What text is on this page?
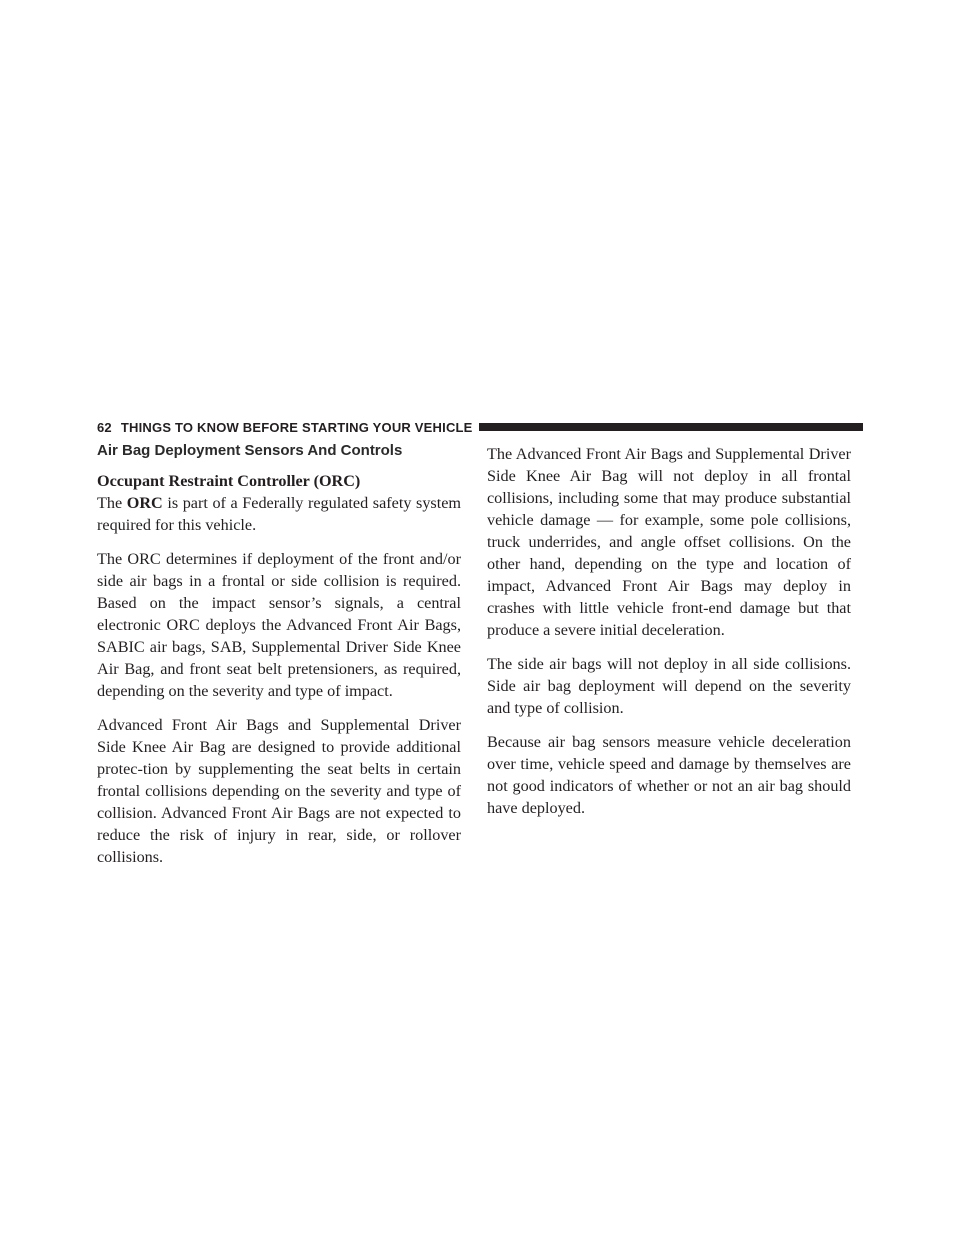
62 THINGS TO KNOW BEFORE STARTING YOUR VEHICLE
Air Bag Deployment Sensors And Controls
Occupant Restraint Controller (ORC)

The ORC is part of a Federally regulated safety system required for this vehicle.

The ORC determines if deployment of the front and/or side air bags in a frontal or side collision is required. Based on the impact sensor’s signals, a central electronic ORC deploys the Advanced Front Air Bags, SABIC air bags, SAB, Supplemental Driver Side Knee Air Bag, and front seat belt pretensioners, as required, depending on the severity and type of impact.

Advanced Front Air Bags and Supplemental Driver Side Knee Air Bag are designed to provide additional protec-tion by supplementing the seat belts in certain frontal collisions depending on the severity and type of collision. Advanced Front Air Bags are not expected to reduce the risk of injury in rear, side, or rollover collisions.

The Advanced Front Air Bags and Supplemental Driver Side Knee Air Bag will not deploy in all frontal collisions, including some that may produce substantial vehicle damage — for example, some pole collisions, truck underrides, and angle offset collisions. On the other hand, depending on the type and location of impact, Advanced Front Air Bags may deploy in crashes with little vehicle front-end damage but that produce a severe initial deceleration.

The side air bags will not deploy in all side collisions. Side air bag deployment will depend on the severity and type of collision.

Because air bag sensors measure vehicle deceleration over time, vehicle speed and damage by themselves are not good indicators of whether or not an air bag should have deployed.
